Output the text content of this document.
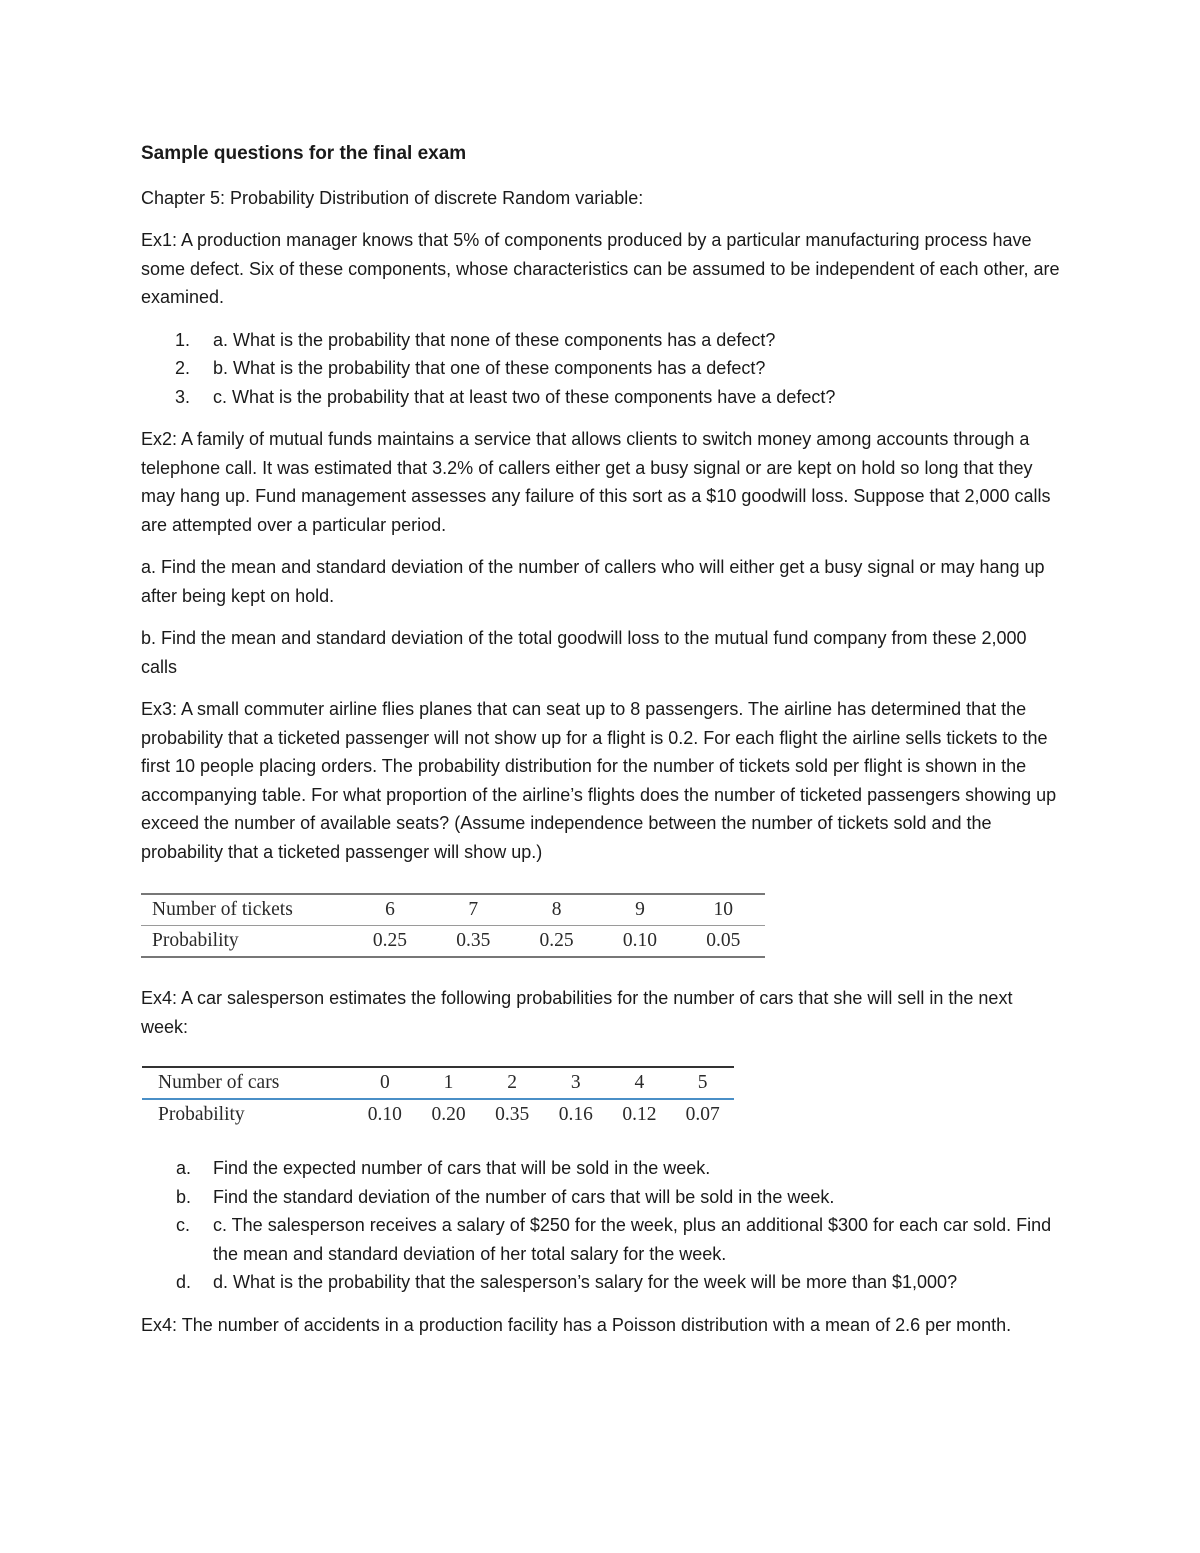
Sample questions for the final exam

Chapter 5: Probability Distribution of discrete Random variable:

Ex1: A production manager knows that 5% of components produced by a particular manufacturing process have some defect. Six of these components, whose characteristics can be assumed to be independent of each other, are examined.

1. a. What is the probability that none of these components has a defect?
2. b. What is the probability that one of these components has a defect?
3. c. What is the probability that at least two of these components have a defect?

Ex2: A family of mutual funds maintains a service that allows clients to switch money among accounts through a telephone call. It was estimated that 3.2% of callers either get a busy signal or are kept on hold so long that they may hang up. Fund management assesses any failure of this sort as a $10 goodwill loss. Suppose that 2,000 calls are attempted over a particular period.

a. Find the mean and standard deviation of the number of callers who will either get a busy signal or may hang up after being kept on hold.

b. Find the mean and standard deviation of the total goodwill loss to the mutual fund company from these 2,000 calls

Ex3: A small commuter airline flies planes that can seat up to 8 passengers. The airline has determined that the probability that a ticketed passenger will not show up for a flight is 0.2. For each flight the airline sells tickets to the first 10 people placing orders. The probability distribution for the number of tickets sold per flight is shown in the accompanying table. For what proportion of the airline’s flights does the number of ticketed passengers showing up exceed the number of available seats? (Assume independence between the number of tickets sold and the probability that a ticketed passenger will show up.)

Number of tickets	6	7	8	9	10
Probability	0.25	0.35	0.25	0.10	0.05

Ex4: A car salesperson estimates the following probabilities for the number of cars that she will sell in the next week:

Number of cars	0	1	2	3	4	5
Probability	0.10	0.20	0.35	0.16	0.12	0.07
a. Find the expected number of cars that will be sold in the week.
b. Find the standard deviation of the number of cars that will be sold in the week.
c. c. The salesperson receives a salary of $250 for the week, plus an additional $300 for each car sold. Find the mean and standard deviation of her total salary for the week.
d. d. What is the probability that the salesperson’s salary for the week will be more than $1,000?

Ex4: The number of accidents in a production facility has a Poisson distribution with a mean of 2.6 per month.
